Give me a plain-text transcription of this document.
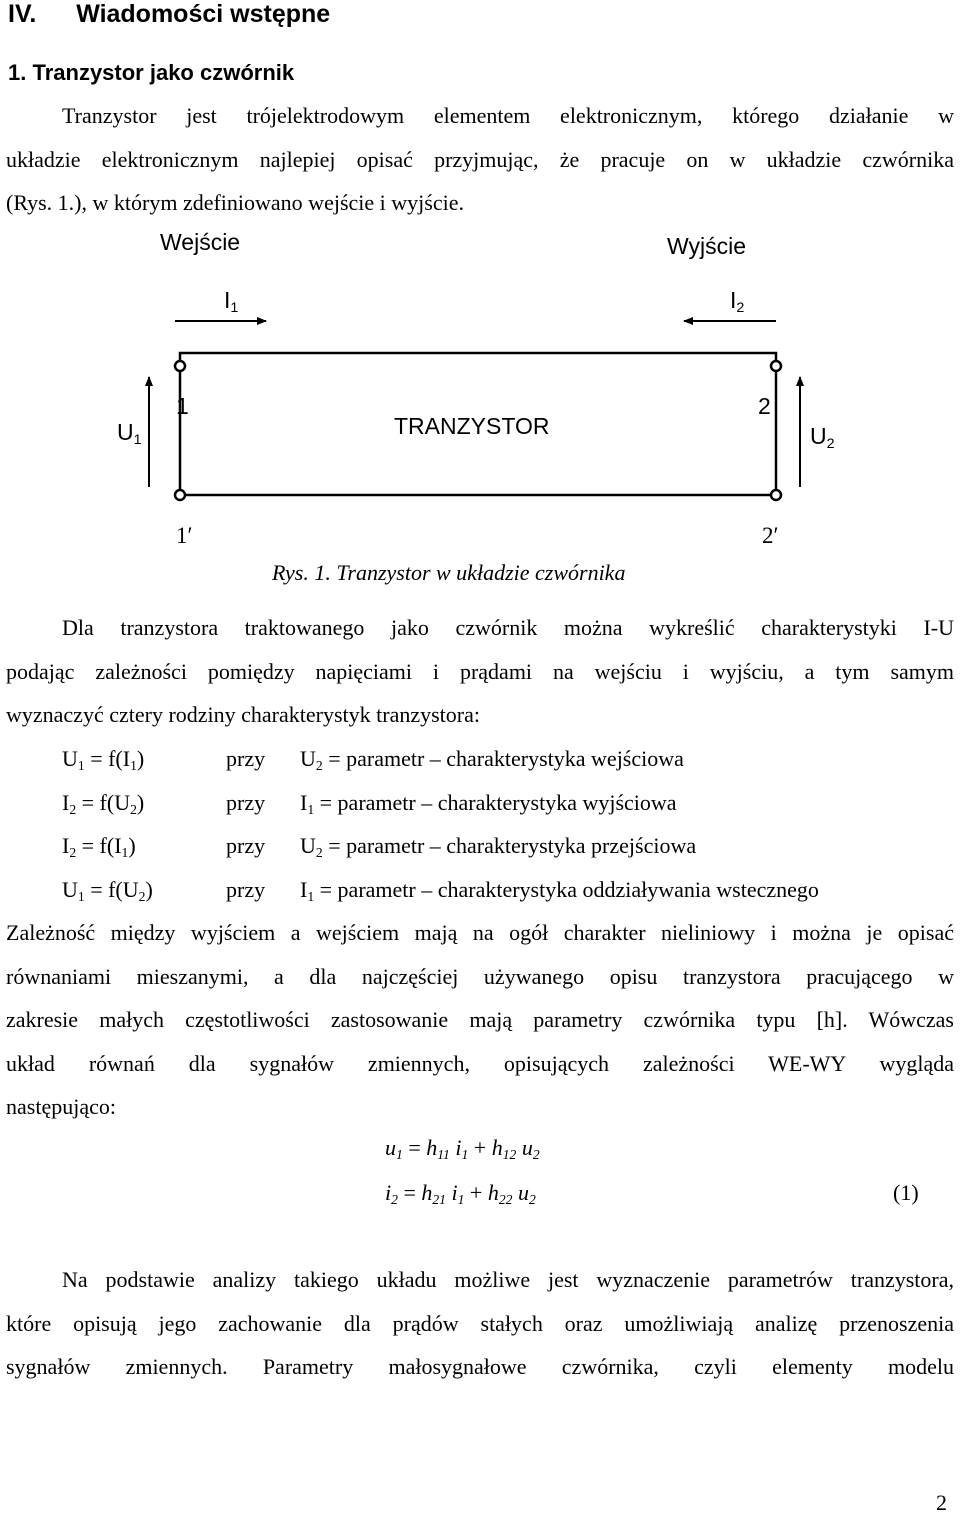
IV. Wiadomości wstępne
1. Tranzystor jako czwórnik
Tranzystor jest trójelektrodowym elementem elektronicznym, którego działanie w
układzie elektronicznym najlepiej opisać przyjmując, że pracuje on w układzie czwórnika
(Rys. 1.), w którym zdefiniowano wejście i wyjście.
Wejście	Wyjście
$I_1$	$I_2$
$U_1$	$U_2$
1	2
TRANZYSTOR
1′	2′
Rys. 1. Tranzystor w układzie czwórnika
Dla tranzystora traktowanego jako czwórnik można wykreślić charakterystyki I-U
podając zależności pomiędzy napięciami i prądami na wejściu i wyjściu, a tym samym
wyznaczyć cztery rodziny charakterystyk tranzystora:
$U_1 = f(I_1)$	przy $U_2$ = parametr – charakterystyka wejściowa
$I_2 = f(U_2)$	przy $I_1$ = parametr – charakterystyka wyjściowa
$I_2 = f(I_1)$	przy $U_2$ = parametr – charakterystyka przejściowa
$U_1 = f(U_2)$	przy $I_1$ = parametr – charakterystyka oddziaływania wstecznego
Zależność między wyjściem a wejściem mają na ogół charakter nieliniowy i można je opisać
równaniami mieszanymi, a dla najczęściej używanego opisu tranzystora pracującego w
zakresie małych częstotliwości zastosowanie mają parametry czwórnika typu [h]. Wówczas
układ równań dla sygnałów zmiennych, opisujących zależności WE-WY wygląda
następująco:
$u_1 = h_{11}$ $i_1 + h_{12}$ $u_2$
$i_2 = h_{21}$ $i_1 + h_{22}$ $u_2$	(1)
Na podstawie analizy takiego układu możliwe jest wyznaczenie parametrów tranzystora,
które opisują jego zachowanie dla prądów stałych oraz umożliwiają analizę przenoszenia
sygnałów zmiennych. Parametry małosygnałowe czwórnika, czyli elementy modelu
2
